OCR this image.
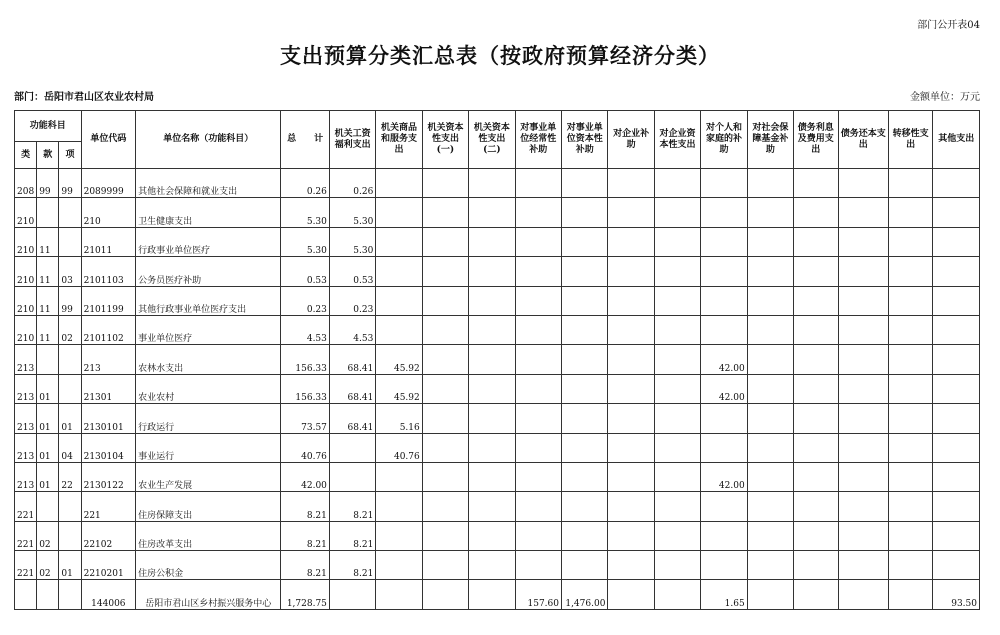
部门公开表04
支出预算分类汇总表（按政府预算经济分类）
部门：岳阳市君山区农业农村局	金额单位：万元
功能科目			单位代码	单位名称（功能科目）	总　　计	机关工资福利支出	机关商品和服务支出	机关资本性支出(一)	机关资本性支出(二)	对事业单位经常性补助	对事业单位资本性补助	对企业补助	对企业资本性支出	对个人和家庭的补助	对社会保障基金补助	债务利息及费用支出	债务还本支出	转移性支出	其他支出
类	款	项																	
208	99	99	2089999	其他社会保障和就业支出	0.26	0.26													
210			210	卫生健康支出	5.30	5.30													
210	11		21011	行政事业单位医疗	5.30	5.30													
210	11	03	2101103	公务员医疗补助	0.53	0.53													
210	11	99	2101199	其他行政事业单位医疗支出	0.23	0.23													
210	11	02	2101102	事业单位医疗	4.53	4.53													
213			213	农林水支出	156.33	68.41	45.92							42.00					
213	01		21301	农业农村	156.33	68.41	45.92							42.00					
213	01	01	2130101	行政运行	73.57	68.41	5.16												
213	01	04	2130104	事业运行	40.76		40.76												
213	01	22	2130122	农业生产发展	42.00									42.00					
221			221	住房保障支出	8.21	8.21													
221	02		22102	住房改革支出	8.21	8.21													
221	02	01	2210201	住房公积金	8.21	8.21													
			144006	岳阳市君山区乡村振兴服务中心	1,728.75					157.60	1,476.00			1.65					93.50
